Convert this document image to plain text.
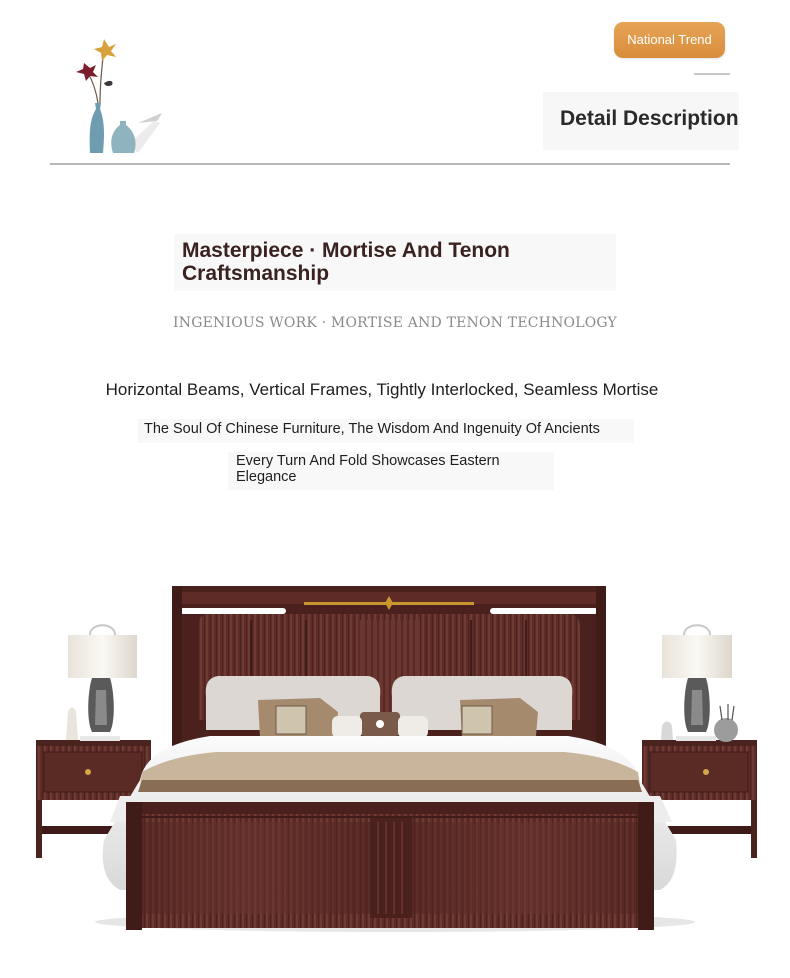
National Trend
Detail Description
Masterpiece · Mortise And Tenon Craftsmanship
INGENIOUS WORK · MORTISE AND TENON TECHNOLOGY
Horizontal Beams, Vertical Frames, Tightly Interlocked, Seamless Mortise
The Soul Of Chinese Furniture, The Wisdom And Ingenuity Of Ancients
Every Turn And Fold Showcases Eastern Elegance
